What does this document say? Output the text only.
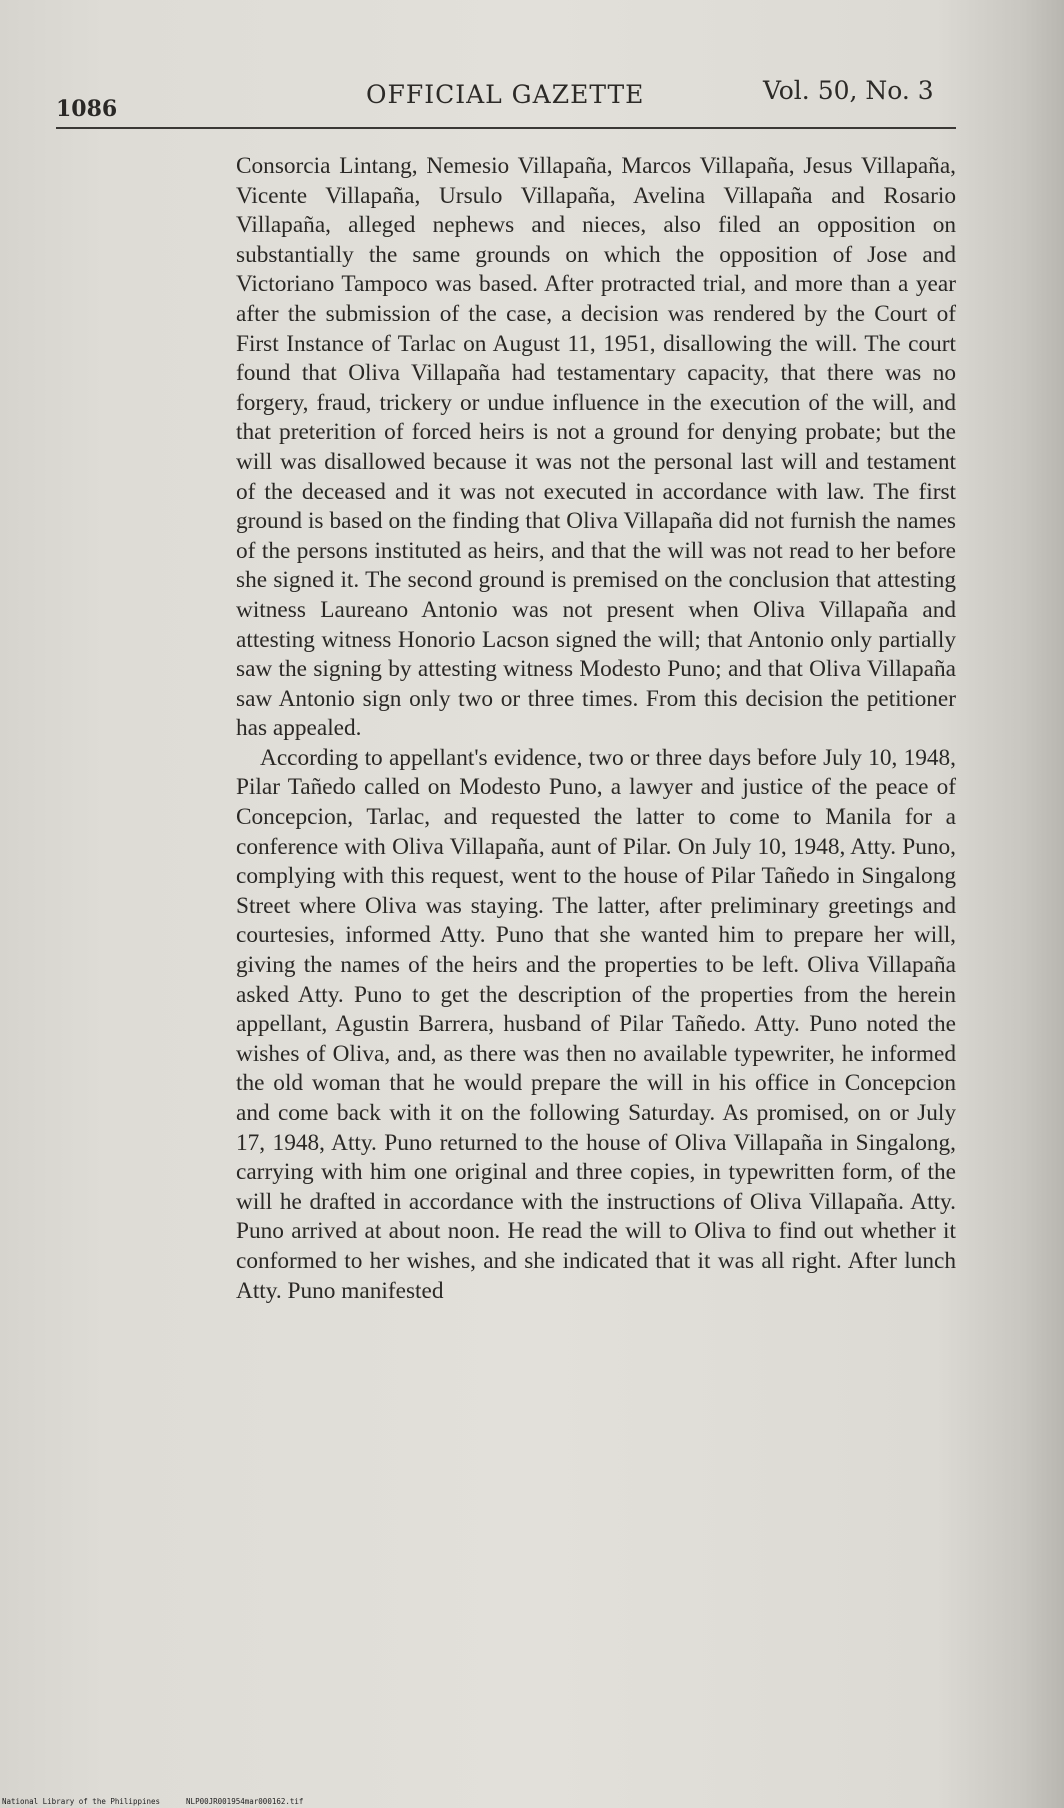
1086	OFFICIAL GAZETTE	Vol. 50, No. 3

Consorcia Lintang, Nemesio Villapaña, Marcos Villapaña, Jesus Villapaña, Vicente Villapaña, Ursulo Villapaña, Avelina Villapaña and Rosario Villapaña, alleged nephews and nieces, also filed an opposition on substantially the same grounds on which the opposition of Jose and Victoriano Tampoco was based. After protracted trial, and more than a year after the submission of the case, a decision was rendered by the Court of First Instance of Tarlac on August 11, 1951, disallowing the will. The court found that Oliva Villapaña had testamentary capacity, that there was no forgery, fraud, trickery or undue influence in the execution of the will, and that preterition of forced heirs is not a ground for denying probate; but the will was disallowed because it was not the personal last will and testament of the deceased and it was not executed in accordance with law. The first ground is based on the finding that Oliva Villapaña did not furnish the names of the persons instituted as heirs, and that the will was not read to her before she signed it. The second ground is premised on the conclusion that attesting witness Laureano Antonio was not present when Oliva Villapaña and attesting witness Honorio Lacson signed the will; that Antonio only partially saw the signing by attesting witness Modesto Puno; and that Oliva Villapaña saw Antonio sign only two or three times. From this decision the petitioner has appealed.

According to appellant's evidence, two or three days before July 10, 1948, Pilar Tañedo called on Modesto Puno, a lawyer and justice of the peace of Concepcion, Tarlac, and requested the latter to come to Manila for a conference with Oliva Villapaña, aunt of Pilar. On July 10, 1948, Atty. Puno, complying with this request, went to the house of Pilar Tañedo in Singalong Street where Oliva was staying. The latter, after preliminary greetings and courtesies, informed Atty. Puno that she wanted him to prepare her will, giving the names of the heirs and the properties to be left. Oliva Villapaña asked Atty. Puno to get the description of the properties from the herein appellant, Agustin Barrera, husband of Pilar Tañedo. Atty. Puno noted the wishes of Oliva, and, as there was then no available typewriter, he informed the old woman that he would prepare the will in his office in Concepcion and come back with it on the following Saturday. As promised, on or July 17, 1948, Atty. Puno returned to the house of Oliva Villapaña in Singalong, carrying with him one original and three copies, in typewritten form, of the will he drafted in accordance with the instructions of Oliva Villapaña. Atty. Puno arrived at about noon. He read the will to Oliva to find out whether it conformed to her wishes, and she indicated that it was all right. After lunch Atty. Puno manifested

National Library of the Philippines	NLP00JR001954mar000162.tif
